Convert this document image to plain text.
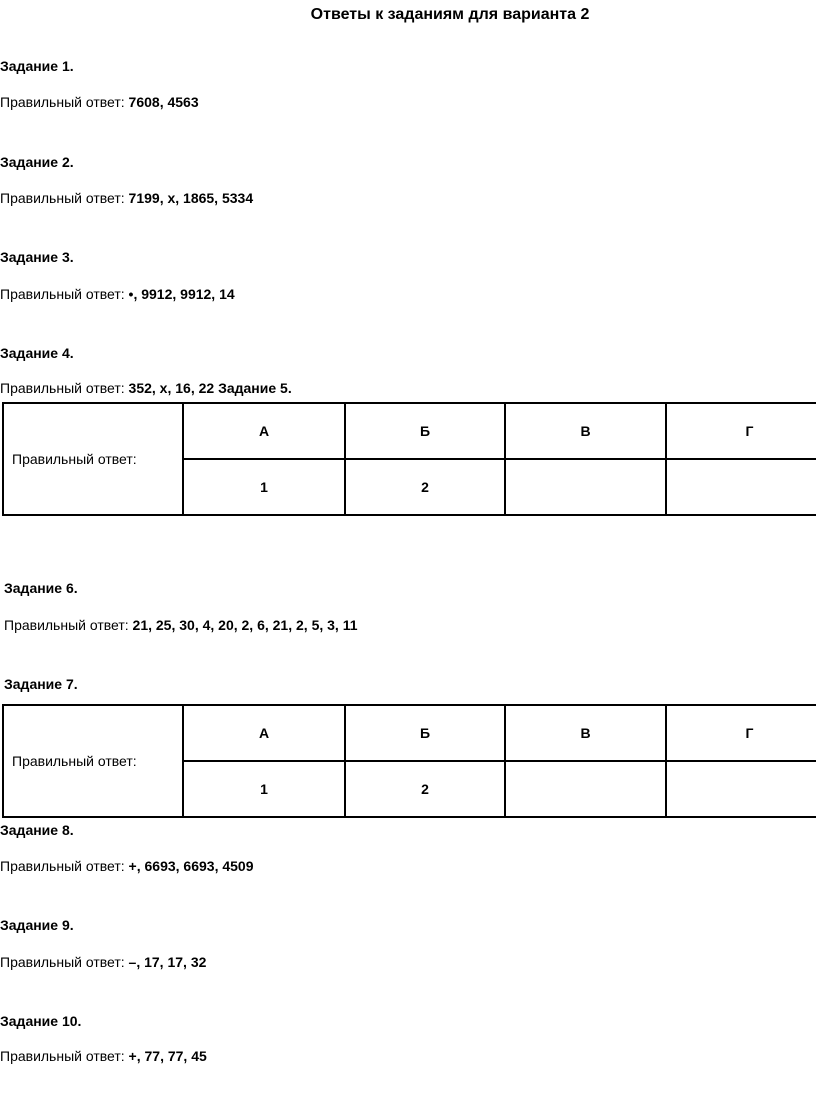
Ответы к заданиям для варианта 2
Задание 1.
Правильный ответ: 7608, 4563
Задание 2.
Правильный ответ: 7199, х, 1865, 5334
Задание 3.
Правильный ответ: •, 9912, 9912, 14
Задание 4.
Правильный ответ: 352, х, 16, 22 Задание 5.
Правильный ответ:	А	Б	В	Г
	1	2		
Задание 6.
Правильный ответ: 21, 25, 30, 4, 20, 2, 6, 21, 2, 5, 3, 11
Задание 7.
Правильный ответ:	А	Б	В	Г
	1	2		
Задание 8.
Правильный ответ: +, 6693, 6693, 4509
Задание 9.
Правильный ответ: –, 17, 17, 32
Задание 10.
Правильный ответ: +, 77, 77, 45
